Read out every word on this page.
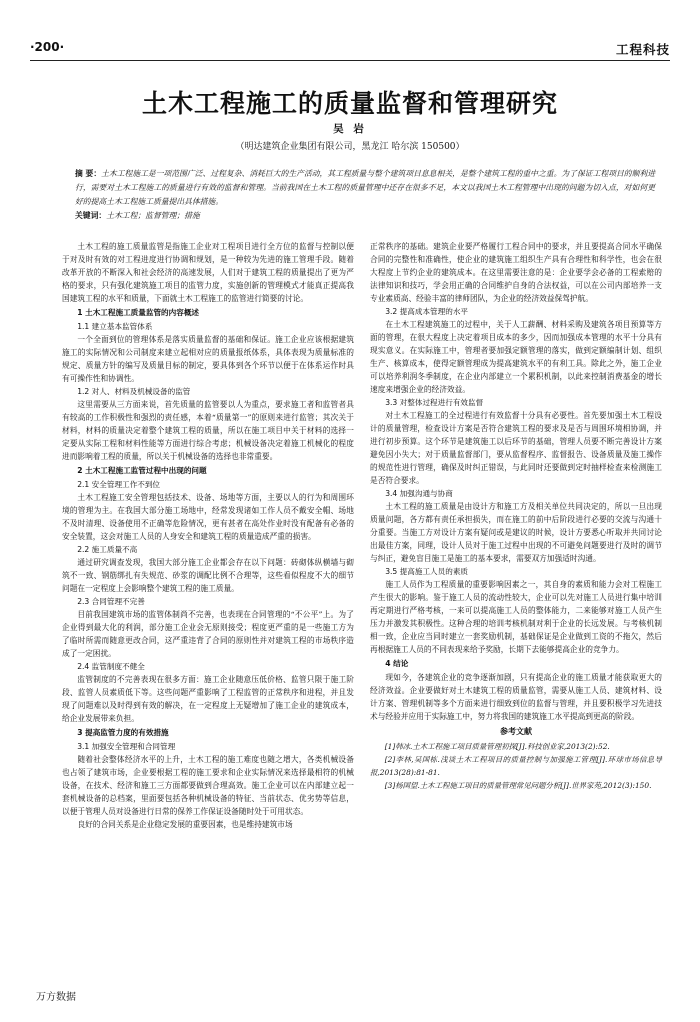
·200·	工程科技
土木工程施工的质量监督和管理研究
吴 岩
（明达建筑企业集团有限公司，黑龙江 哈尔滨 150500）
摘 要：土木工程施工是一项范围广泛、过程复杂、消耗巨大的生产活动，其工程质量与整个建筑项目息息相关，是整个建筑工程的重中之重。为了保证工程项目的顺利进行，需要对土木工程施工的质量进行有效的监督和管理。当前我国在土木工程的质量管理中还存在很多不足，本文以我国土木工程管理中出现的问题为切入点，对如何更好的提高土木工程施工质量提出具体措施。
关键词：土木工程；监督管理；措施

土木工程的施工质量监管是指施工企业对工程项目进行全方位的监督与控制以便于对及时有效的对工程进度进行协调和规划，是一种较为先进的施工管理手段。随着改革开放的不断深入和社会经济的高速发展，人们对于建筑工程的质量提出了更为严格的要求，只有强化建筑施工项目的监管力度，实施创新的管理模式才能真正提高我国建筑工程的水平和质量，下面就土木工程施工的监管进行简要的讨论。

1 土木工程施工质量监管的内容概述

1.1 建立基本监管体系

一个全面到位的管理体系是落实质量监督的基础和保证。施工企业应该根据建筑施工的实际情况和公司制度来建立起相对应的质量报纸体系，具体表现为质量标准的规定、质量方针的编写及质量目标的制定，要具体到各个环节以便于在体系运作时具有可操作性和协调性。

1.2 对人、材料及机械设备的监管

这里需要从三方面来说，首先质量的监管要以人为重点，要求施工者和监管者具有较高的工作积极性和强烈的责任感，本着“质量第一”的原则来进行监管；其次关于材料，材料的质量决定着整个建筑工程的质量，所以在施工项目中关于材料的选择一定要从实际工程和材料性能等方面进行综合考虑；机械设备决定着施工机械化的程度进而影响着工程的质量，所以关于机械设备的选择也非常重要。

2 土木工程施工监管过程中出现的问题

2.1 安全管理工作不到位

土木工程施工安全管理包括技术、设备、场地等方面，主要以人的行为和周围环境的管理为主。在我国大部分施工场地中，经常发现诸如工作人员不戴安全帽、场地不及时清理、设备使用不正确等危险情况，更有甚者在高处作业时没有配备有必备的安全装置，这会对施工人员的人身安全和建筑工程的质量造成严重的损害。

2.2 施工质量不高

通过研究调查发现，我国大部分施工企业都会存在以下问题：砖砌体纵横墙与砌筑不一致、钢筋绑扎有失规范、砂浆的调配比例不合理等，这些看似程度不大的细节问题在一定程度上会影响整个建筑工程的施工质量。

2.3 合同管理不完善

目前我国建筑市场的监管体制尚不完善，也表现在合同管理的“不公平”上。为了企业得到最大化的利润，部分施工企业会无原则接受；程度更严重的是一些施工方为了临时所需而随意更改合同，这严重违背了合同的原则性并对建筑工程的市场秩序造成了一定困扰。

2.4 监管制度不健全

监管制度的不完善表现在很多方面：施工企业随意压低价格、监管只限于施工阶段、监管人员素质低下等。这些问题严重影响了工程监管的正常秩序和进程，并且发现了问题难以及时得到有效的解决，在一定程度上无疑增加了施工企业的建筑成本，给企业发展带来负担。

3 提高监管力度的有效措施

3.1 加强安全管理和合同管理

随着社会整体经济水平的上升，土木工程的施工难度也随之增大，各类机械设备也占领了建筑市场，企业要根据工程的施工要求和企业实际情况来选择最相符的机械设备，在技术、经济和施工三方面都要做到合理高效。施工企业可以在内部建立起一套机械设备的总档案，里面要包括各种机械设备的特征、当前状态、优劣势等信息，以便于管理人员对设备进行日常的保养工作保证设备随时处于可用状态。

良好的合同关系是企业稳定发展的重要因素，也是维持建筑市场

正常秩序的基础。建筑企业要严格履行工程合同中的要求，并且要提高合同水平确保合同的完整性和准确性，使企业的建筑施工组织生产具有合理性和科学性，也会在很大程度上节约企业的建筑成本。在这里需要注意的是：企业要学会必备的工程索赔的法律知识和技巧，学会用正确的合同维护自身的合法权益，可以在公司内部培养一支专业素质高、经验丰富的律师团队，为企业的经济效益保驾护航。

3.2 提高成本管理的水平

在土木工程建筑施工的过程中，关于人工薪酬、材料采购及建筑各项目预算等方面的管理，在很大程度上决定着项目成本的多少，因而加强成本管理的水平十分具有现实意义。在实际施工中，管理者要加强定额管理的落实，做到定额编制计划、组织生产、核算成本，使得定额管理成为提高建筑水平的有利工具。除此之外，施工企业可以培养利润冬季制度，在企业内部建立一个累积机制，以此来控制消费基金的增长速度来增强企业的经济效益。

3.3 对整体过程进行有效监督

对土木工程施工的全过程进行有效监督十分具有必要性。首先要加强土木工程设计的质量管理，检查设计方案是否符合建筑工程的要求及是否与周围环境相协调，并进行初步预算。这个环节是建筑施工以后环节的基础，管理人员要不断完善设计方案避免因小失大；对于质量监督部门，要从监督程序、监督报告、设备质量及施工操作的规范性进行管理，确保及时纠正错误，与此同时还要做到定时抽样检查来检测施工是否符合要求。

3.4 加强沟通与协商

土木工程的施工质量是由设计方和施工方及相关单位共同决定的，所以一旦出现质量问题，各方都有责任承担损失，而在施工的前中后阶段进行必要的交流与沟通十分重要。当施工方对设计方案有疑问或是建议的时候，设计方要悉心听取并共同讨论出最佳方案，同理，设计人员对于施工过程中出现的不可避免问题要进行及时的调节与纠正，避免盲目施工是施工的基本要求，需要双方加强适时沟通。

3.5 提高施工人员的素质

施工人员作为工程质量的重要影响因素之一，其自身的素质和能力会对工程施工产生很大的影响。鉴于施工人员的流动性较大，企业可以先对施工人员进行集中培训再定期进行严格考核，一来可以提高施工人员的整体能力，二来能够对施工人员产生压力并激发其积极性。这种合理的培训考核机制对利于企业的长远发展。与考核机制相一致，企业应当同时建立一套奖励机制，基础保证是企业做到工资的不拖欠，然后再根据施工人员的不同表现来给予奖励，长期下去能够提高企业的竞争力。

4 结论

现如今，各建筑企业的竞争逐渐加剧，只有提高企业的施工质量才能获取更大的经济效益。企业要做好对土木建筑工程的质量监管，需要从施工人员、建筑材料、设计方案、管理机制等多个方面来进行细致到位的监督与管理，并且要积极学习先进技术与经验并应用于实际施工中，努力将我国的建筑施工水平提高到更高的阶段。

参考文献

[1]韩冰.土木工程施工项目质量管理初探[J].科技创业家,2013(2):52.

[2]李林,吴国栋.浅谈土木工程项目的质量控制与加强施工管理[J].环球市场信息导报,2013(28):81-81.

[3]杨国望.土木工程施工项目的质量管理常见问题分析[J].世界家苑,2012(3):150.

万方数据
